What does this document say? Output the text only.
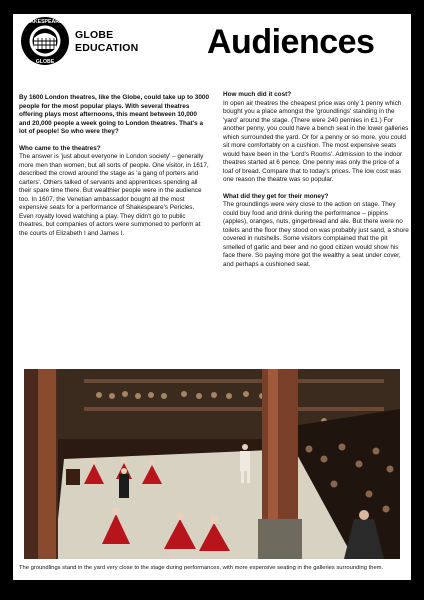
SHAKESPEARE'S
GLOBE
GLOBE
EDUCATION Audiences

By 1600 London theatres, like the Globe, could take up to 3000 people for the most popular plays. With several theatres offering plays most afternoons, this meant between 10,000 and 20,000 people a week going to London theatres. That's a lot of people! So who were they?

Who came to the theatres?

The answer is 'just about everyone in London society' – generally more men than women, but all sorts of people. One visitor, in 1617, described the crowd around the stage as 'a gang of porters and carters'. Others talked of servants and apprentices spending all their spare time there. But wealthier people were in the audience too. In 1607, the Venetian ambassador bought all the most expensive seats for a performance of Shakespeare's Pericles. Even royalty loved watching a play. They didn't go to public theatres, but companies of actors were summoned to perform at the courts of Elizabeth I and James I.

How much did it cost?

In open air theatres the cheapest price was only 1 penny which bought you a place amongst the 'groundlings' standing in the 'yard' around the stage. (There were 240 pennies in £1.) For another penny, you could have a bench seat in the lower galleries which surrounded the yard. Or for a penny or so more, you could sit more comfortably on a cushion. The most expensive seats would have been in the 'Lord's Rooms'. Admission to the indoor theatres started at 6 pence. One penny was only the price of a loaf of bread. Compare that to today's prices. The low cost was one reason the theatre was so popular.

What did they get for their money?

The groundlings were very close to the action on stage. They could buy food and drink during the performance – pippins (apples), oranges, nuts, gingerbread and ale. But there were no toilets and the floor they stood on was probably just sand, a shore covered in nutshells. Some visitors complained that the pit smelled of garlic and beer and no good citizen would show his face there. So paying more got the wealthy a seat under cover, and perhaps a cushioned seat.

The groundlings stand in the yard very close to the stage during performances, with more expensive seating in the galleries surrounding them.
